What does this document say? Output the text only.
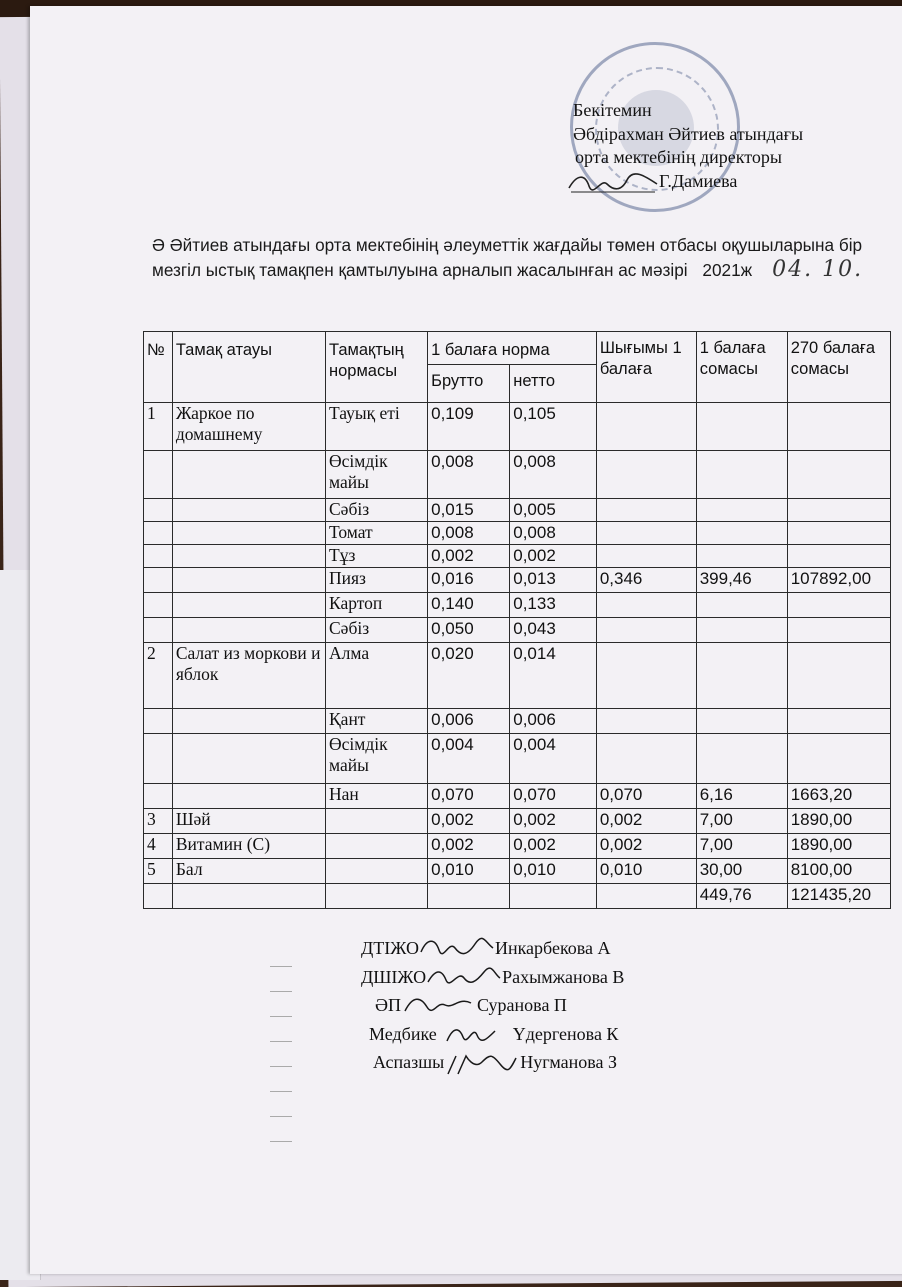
Бекітемин
Әбдірахман Әйтиев атындағы
орта мектебінің директоры
Г.Дамиева
Ә Әйтиев атындағы орта мектебінің әлеуметтік жағдайы төмен отбасы оқушыларына бір мезгіл ыстық тамақпен қамтылуына арналып жасалынған ас мәзірі 2021ж 04. 10.
№	Тамақ атауы	Тамақтың нормасы	1 балаға норма		Шығымы 1 балаға	1 балаға сомасы	270 балаға сомасы
			Брутто	нетто			
1	Жаркое по домашнему	Тауық еті	0,109	0,105			
		Өсімдік майы	0,008	0,008			
		Сәбіз	0,015	0,005			
		Томат	0,008	0,008			
		Тұз	0,002	0,002			
		Пияз	0,016	0,013	0,346	399,46	107892,00
		Картоп	0,140	0,133			
		Сәбіз	0,050	0,043			
2	Салат из моркови и яблок	Алма	0,020	0,014			
		Қант	0,006	0,006			
		Өсімдік майы	0,004	0,004			
		Нан	0,070	0,070	0,070	6,16	1663,20
3	Шәй		0,002	0,002	0,002	7,00	1890,00
4	Витамин (С)		0,002	0,002	0,002	7,00	1890,00
5	Бал		0,010	0,010	0,010	30,00	8100,00
						449,76	121435,20
ДТІЖО	Инкарбекова А
ДШІЖО	Рахымжанова В
ӘП	Суранова П
Медбике	Үдергенова К
Аспазшы	Нугманова З
